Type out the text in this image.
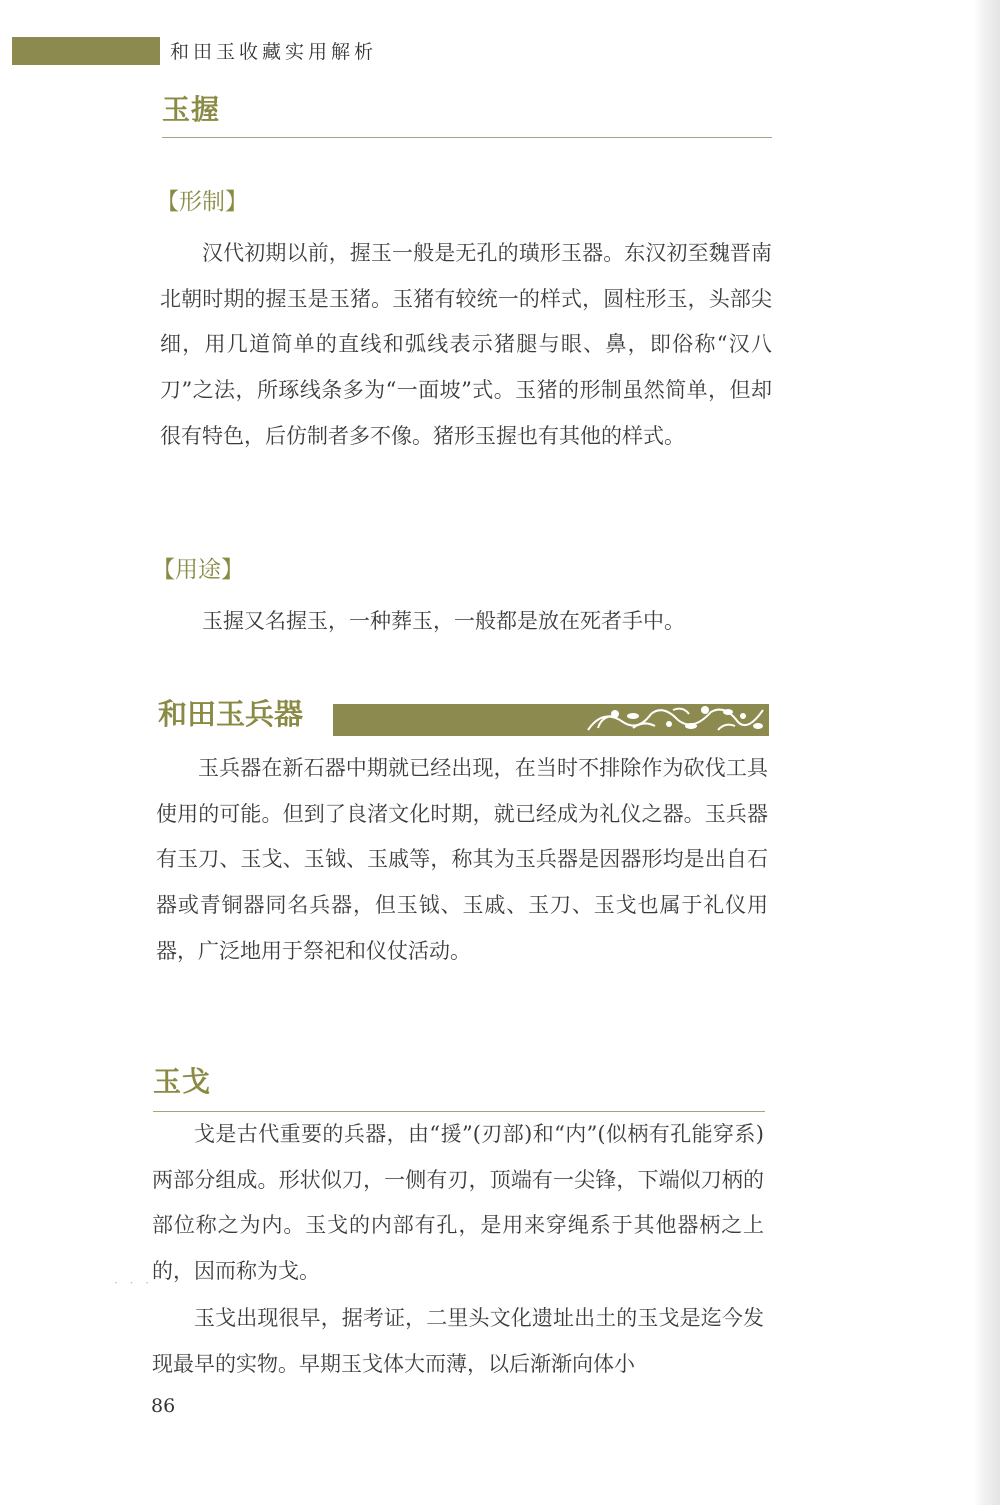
和田玉收藏实用解析
玉握
【形制】

汉代初期以前，握玉一般是无孔的璜形玉器。东汉初至魏晋南北朝时期的握玉是玉猪。玉猪有较统一的样式，圆柱形玉，头部尖细，用几道简单的直线和弧线表示猪腿与眼、鼻，即俗称“汉八刀”之法，所琢线条多为“一面坡”式。玉猪的形制虽然简单，但却很有特色，后仿制者多不像。猪形玉握也有其他的样式。

【用途】

玉握又名握玉，一种葬玉，一般都是放在死者手中。

和田玉兵器

玉兵器在新石器中期就已经出现，在当时不排除作为砍伐工具使用的可能。但到了良渚文化时期，就已经成为礼仪之器。玉兵器有玉刀、玉戈、玉钺、玉戚等，称其为玉兵器是因器形均是出自石器或青铜器同名兵器，但玉钺、玉戚、玉刀、玉戈也属于礼仪用器，广泛地用于祭祀和仪仗活动。

玉戈

戈是古代重要的兵器，由“援”(刃部)和“内”(似柄有孔能穿系)两部分组成。形状似刀，一侧有刃，顶端有一尖锋，下端似刀柄的部位称之为内。玉戈的内部有孔，是用来穿绳系于其他器柄之上的，因而称为戈。

玉戈出现很早，据考证，二里头文化遗址出土的玉戈是迄今发现最早的实物。早期玉戈体大而薄，以后渐渐向体小

· · ·
86
